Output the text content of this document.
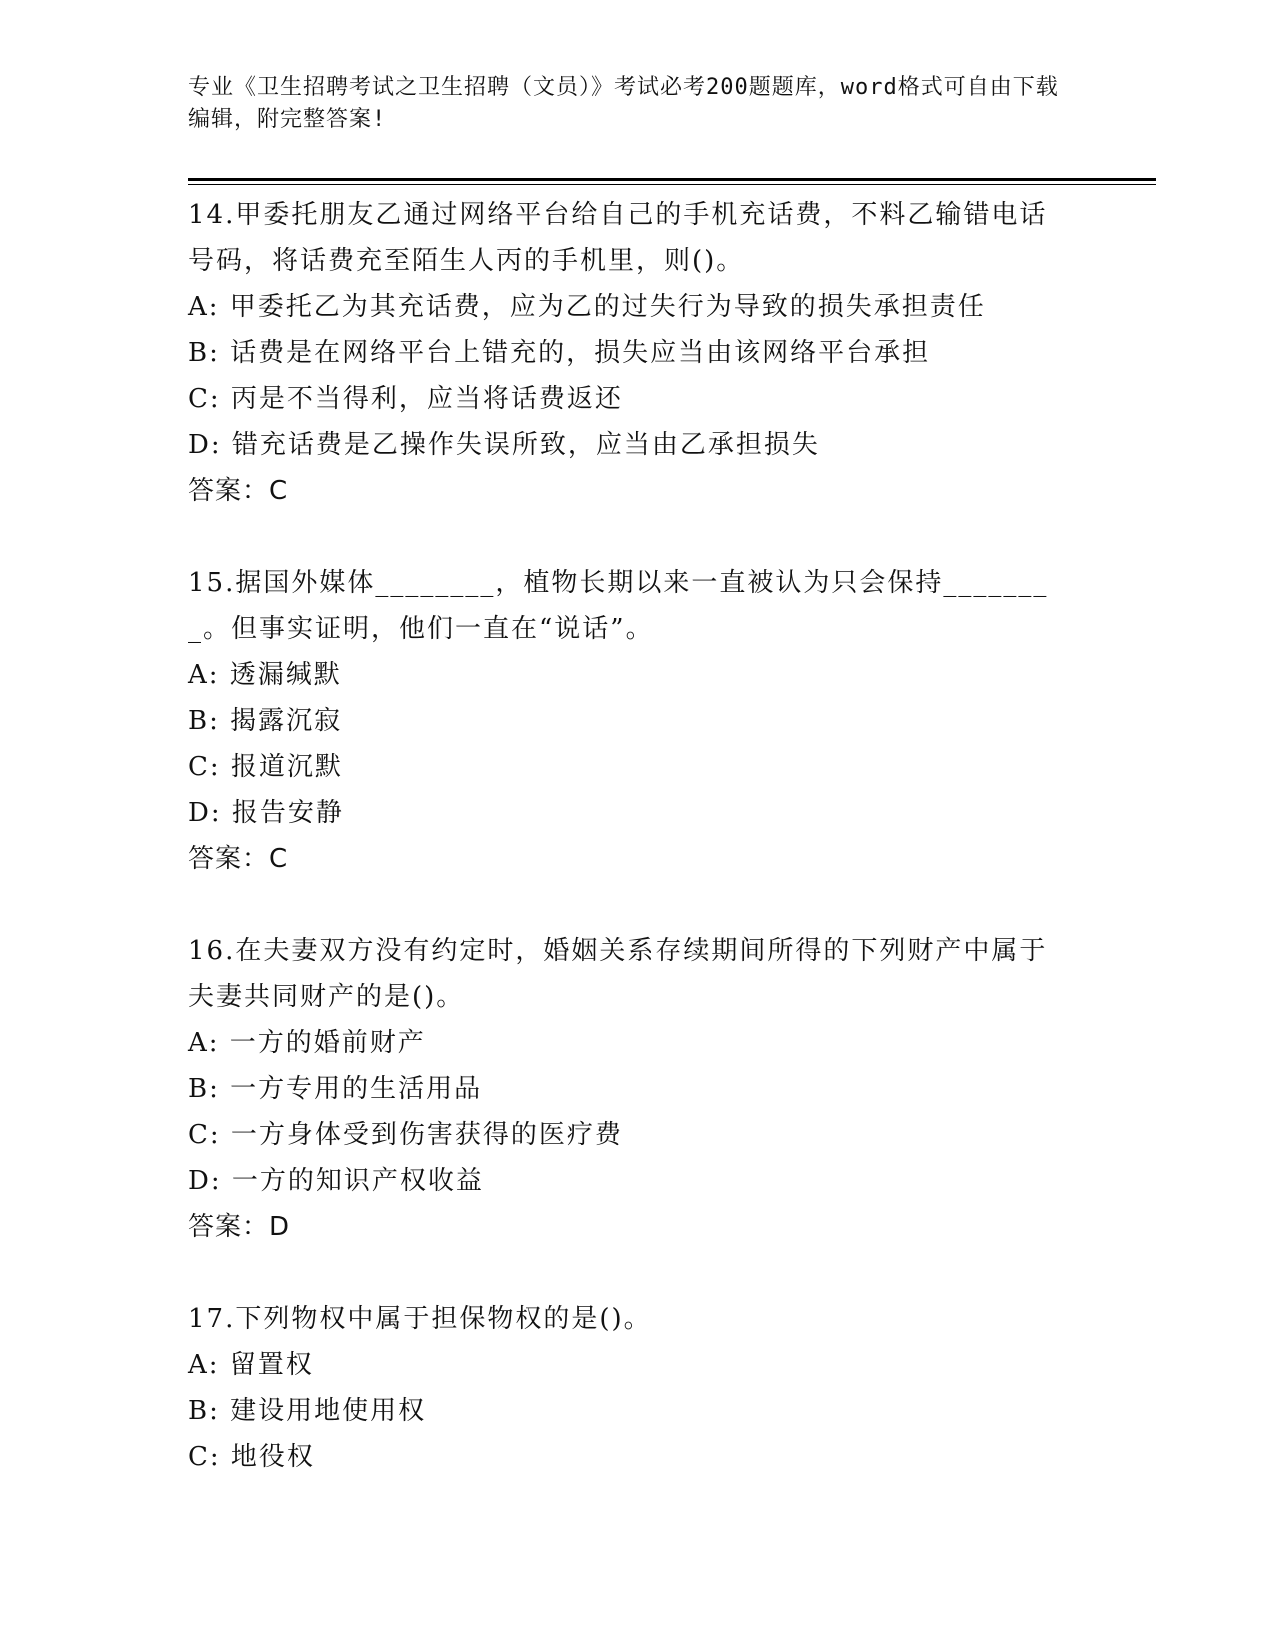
专业《卫生招聘考试之卫生招聘（文员）》考试必考200题题库，word格式可自由下载编辑，附完整答案!
14.甲委托朋友乙通过网络平台给自己的手机充话费，不料乙输错电话号码，将话费充至陌生人丙的手机里，则()。
A: 甲委托乙为其充话费，应为乙的过失行为导致的损失承担责任
B: 话费是在网络平台上错充的，损失应当由该网络平台承担
C: 丙是不当得利，应当将话费返还
D: 错充话费是乙操作失误所致，应当由乙承担损失
答案：C
15.据国外媒体________，植物长期以来一直被认为只会保持________。但事实证明，他们一直在“说话”。
A: 透漏缄默
B: 揭露沉寂
C: 报道沉默
D: 报告安静
答案：C
16.在夫妻双方没有约定时，婚姻关系存续期间所得的下列财产中属于夫妻共同财产的是()。
A: 一方的婚前财产
B: 一方专用的生活用品
C: 一方身体受到伤害获得的医疗费
D: 一方的知识产权收益
答案：D
17.下列物权中属于担保物权的是()。
A: 留置权
B: 建设用地使用权
C: 地役权
